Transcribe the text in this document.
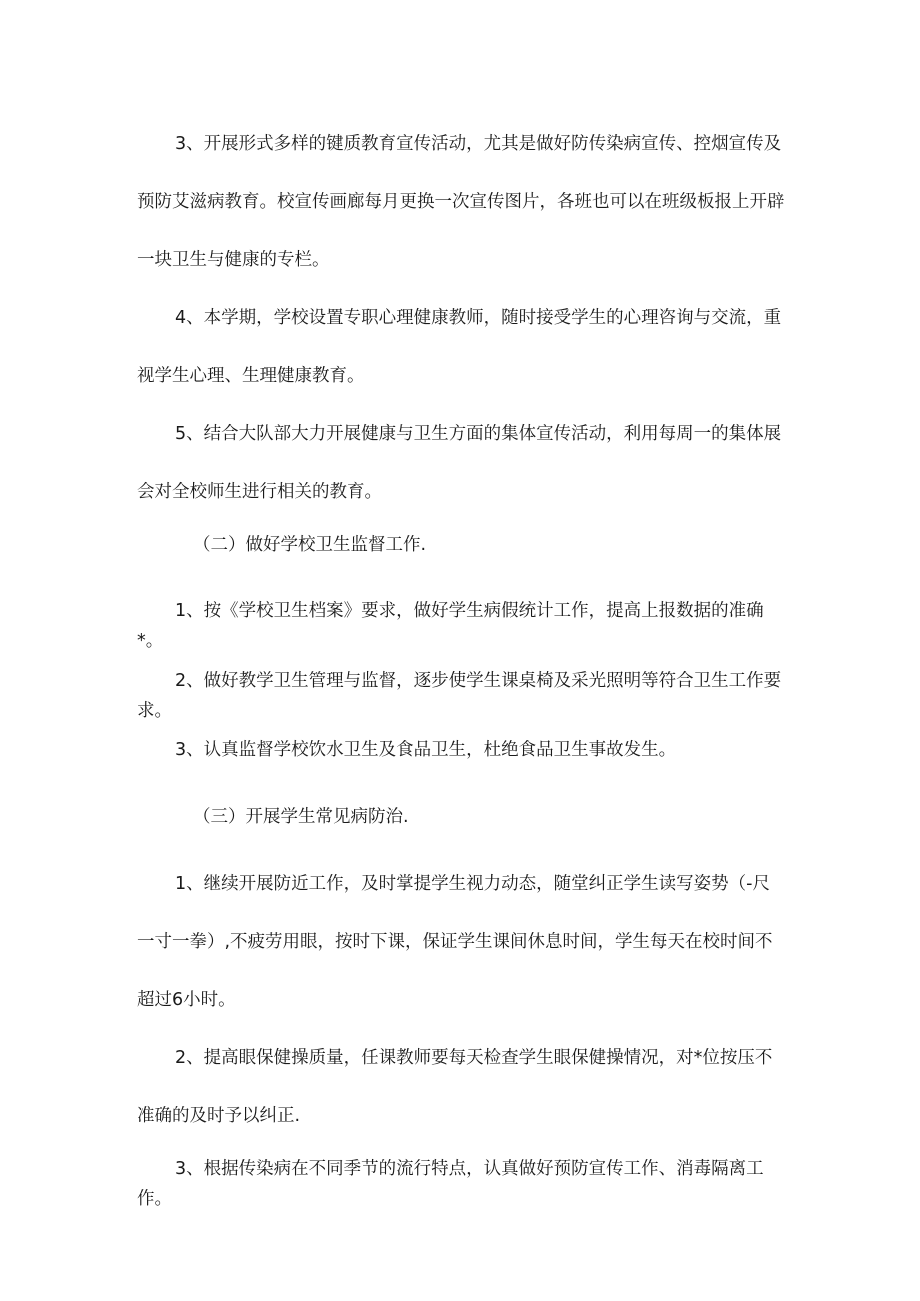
3、开展形式多样的键质教育宣传活动，尤其是做好防传染病宣传、控烟宣传及预防艾滋病教育。校宣传画廊每月更换一次宣传图片，各班也可以在班级板报上开辟一块卫生与健康的专栏。

4、本学期，学校设置专职心理健康教师，随时接受学生的心理咨询与交流，重视学生心理、生理健康教育。

5、结合大队部大力开展健康与卫生方面的集体宣传活动，利用每周一的集体展会对全校师生进行相关的教育。

（二）做好学校卫生监督工作.

1、按《学校卫生档案》要求，做好学生病假统计工作，提高上报数据的准确*。

2、做好教学卫生管理与监督，逐步使学生课桌椅及采光照明等符合卫生工作要求。

3、认真监督学校饮水卫生及食品卫生，杜绝食品卫生事故发生。

（三）开展学生常见病防治.

1、继续开展防近工作，及时掌提学生视力动态，随堂纠正学生读写姿势（-尺一寸一拳）,不疲劳用眼，按时下课，保证学生课间休息时间，学生每天在校时间不超过6小时。

2、提高眼保健操质量，任课教师要每天检查学生眼保健操情况，对*位按压不准确的及时予以纠正.

3、根据传染病在不同季节的流行特点，认真做好预防宣传工作、消毒隔离工作。
